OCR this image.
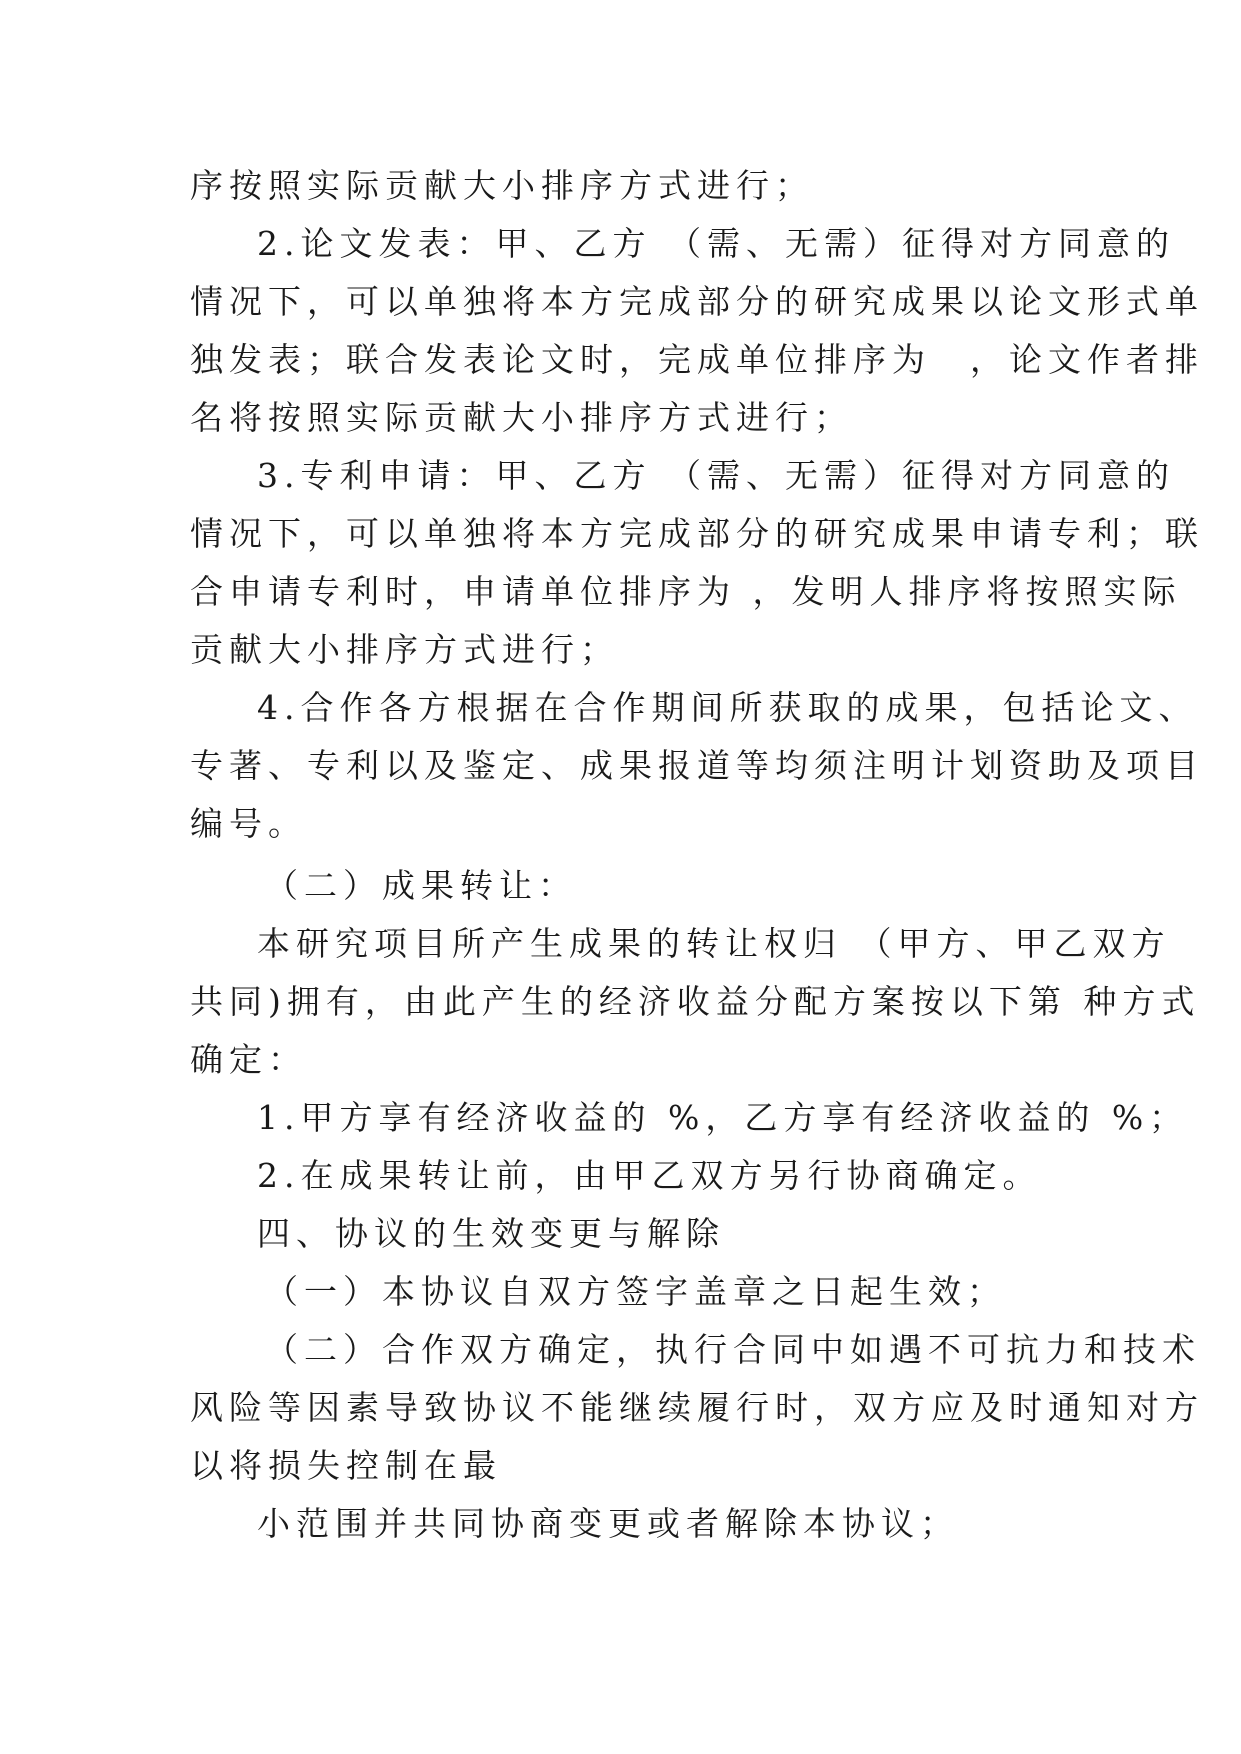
序按照实际贡献大小排序方式进行；
2.论文发表：甲、乙方 （需、无需）征得对方同意的
情况下，可以单独将本方完成部分的研究成果以论文形式单
独发表；联合发表论文时，完成单位排序为　，论文作者排
名将按照实际贡献大小排序方式进行；
3.专利申请：甲、乙方 （需、无需）征得对方同意的
情况下，可以单独将本方完成部分的研究成果申请专利；联
合申请专利时，申请单位排序为 ，发明人排序将按照实际
贡献大小排序方式进行；
4.合作各方根据在合作期间所获取的成果，包括论文、
专著、专利以及鉴定、成果报道等均须注明计划资助及项目
编号。
（二）成果转让：
本研究项目所产生成果的转让权归 （甲方、甲乙双方
共同)拥有，由此产生的经济收益分配方案按以下第 种方式
确定：
1.甲方享有经济收益的 %，乙方享有经济收益的 %；
2.在成果转让前，由甲乙双方另行协商确定。
四、协议的生效变更与解除
（一）本协议自双方签字盖章之日起生效；
（二）合作双方确定，执行合同中如遇不可抗力和技术
风险等因素导致协议不能继续履行时，双方应及时通知对方
以将损失控制在最
小范围并共同协商变更或者解除本协议；
